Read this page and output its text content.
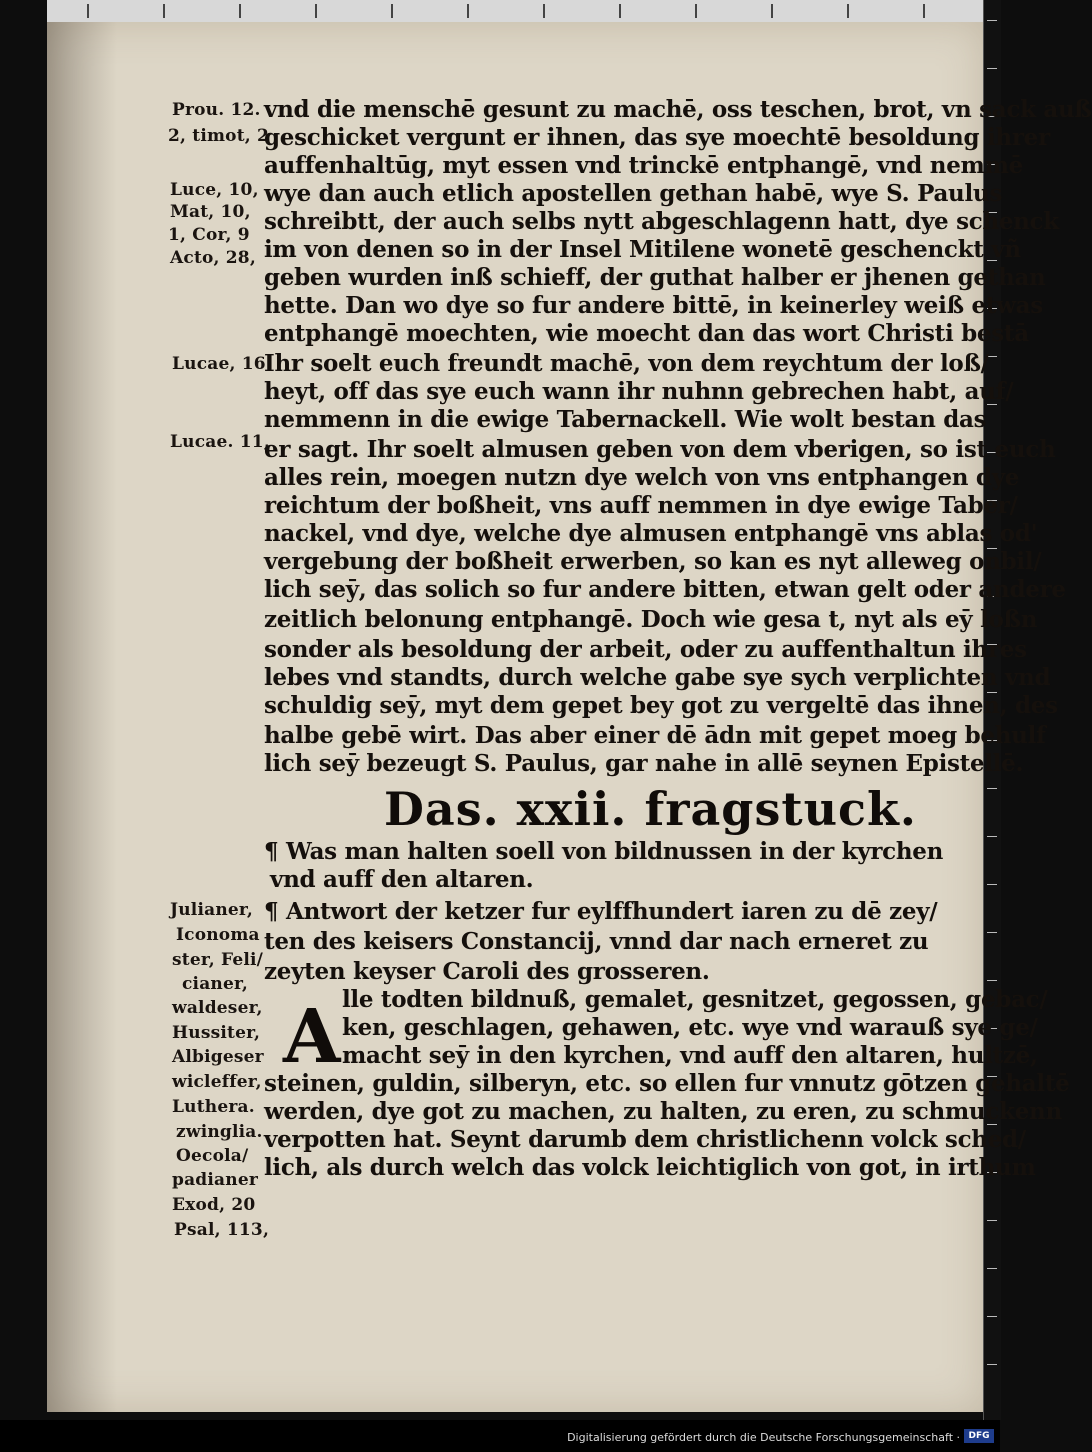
Prou. 12.
2, timot, 2
Luce, 10,
Mat, 10,
1, Cor, 9
Acto, 28,
Lucae, 16
Lucae. 11,
Julianer,
Iconoma
ster, Feli/
cianer,
waldeser,
Hussiter,
Albigeser
wicleffer,
Luthera.
zwinglia.
Oecola/
padianer
Exod, 20
Psal, 113,
vnd die menschē gesunt zu machē, oss teschen, brot, vn sack auß
geschicket vergunt er ihnen, das sye moechtē besoldung ihrer
auffenhaltūg, myt essen vnd trinckē entphangē, vnd nemmē
wye dan auch etlich apostellen gethan habē, wye S. Paulus
schreibtt, der auch selbs nytt abgeschlagenn hatt, dye schenck
im von denen so in der Insel Mitilene wonetē geschenckt vñ
geben wurden inß schieff, der guthat halber er jhenen gethan
hette. Dan wo dye so fur andere bittē, in keinerley weiß etwas
entphangē moechten, wie moecht dan das wort Christi bestā
Ihr soelt euch freundt machē, von dem reychtum der loß/
heyt, off das sye euch wann ihr nuhnn gebrechen habt, auf/
nemmenn in die ewige Tabernackell. Wie wolt bestan das
er sagt. Ihr soelt almusen geben von dem vberigen, so ist euch
alles rein, moegen nutzn dye welch von vns entphangen dye
reichtum der boßheit, vns auff nemmen in dye ewige Taber/
nackel, vnd dye, welche dye almusen entphangē vns ablas od'
vergebung der boßheit erwerben, so kan es nyt alleweg onbil/
lich seȳ, das solich so fur andere bitten, etwan gelt oder andere
zeitlich belonung entphangē. Doch wie gesa t, nyt als eȳ loßn
sonder als besoldung der arbeit, oder zu auffenthaltun ihres
lebes vnd standts, durch welche gabe sye sych verplichten vnd
schuldig seȳ, myt dem gepet bey got zu vergeltē das ihnen, des
halbe gebē wirt. Das aber einer dē ādn mit gepet moeg behulf
lich seȳ bezeugt S. Paulus, gar nahe in allē seynen Epistellē.
Das. xxii. fragstuck.
¶ Was man halten soell von bildnussen in der kyrchen
vnd auff den altaren.
¶ Antwort der ketzer fur eylffhundert iaren zu dē zey/
ten des keisers Constancij, vnnd dar nach erneret zu
zeyten keyser Caroli des grosseren.
A lle todten bildnuß, gemalet, gesnitzet, gegossen, gebac/
ken, geschlagen, gehawen, etc. wye vnd warauß sye ge/
macht seȳ in den kyrchen, vnd auff den altaren, hultzē,
steinen, guldin, silberyn, etc. so ellen fur vnnutz gōtzen gehaltē
werden, dye got zu machen, zu halten, zu eren, zu schmuckenn
verpotten hat. Seynt darumb dem christlichenn volck sched/
lich, als durch welch das volck leichtiglich von got, in irthum
Digitalisierung gefördert durch die Deutsche Forschungsgemeinschaft · DFG
